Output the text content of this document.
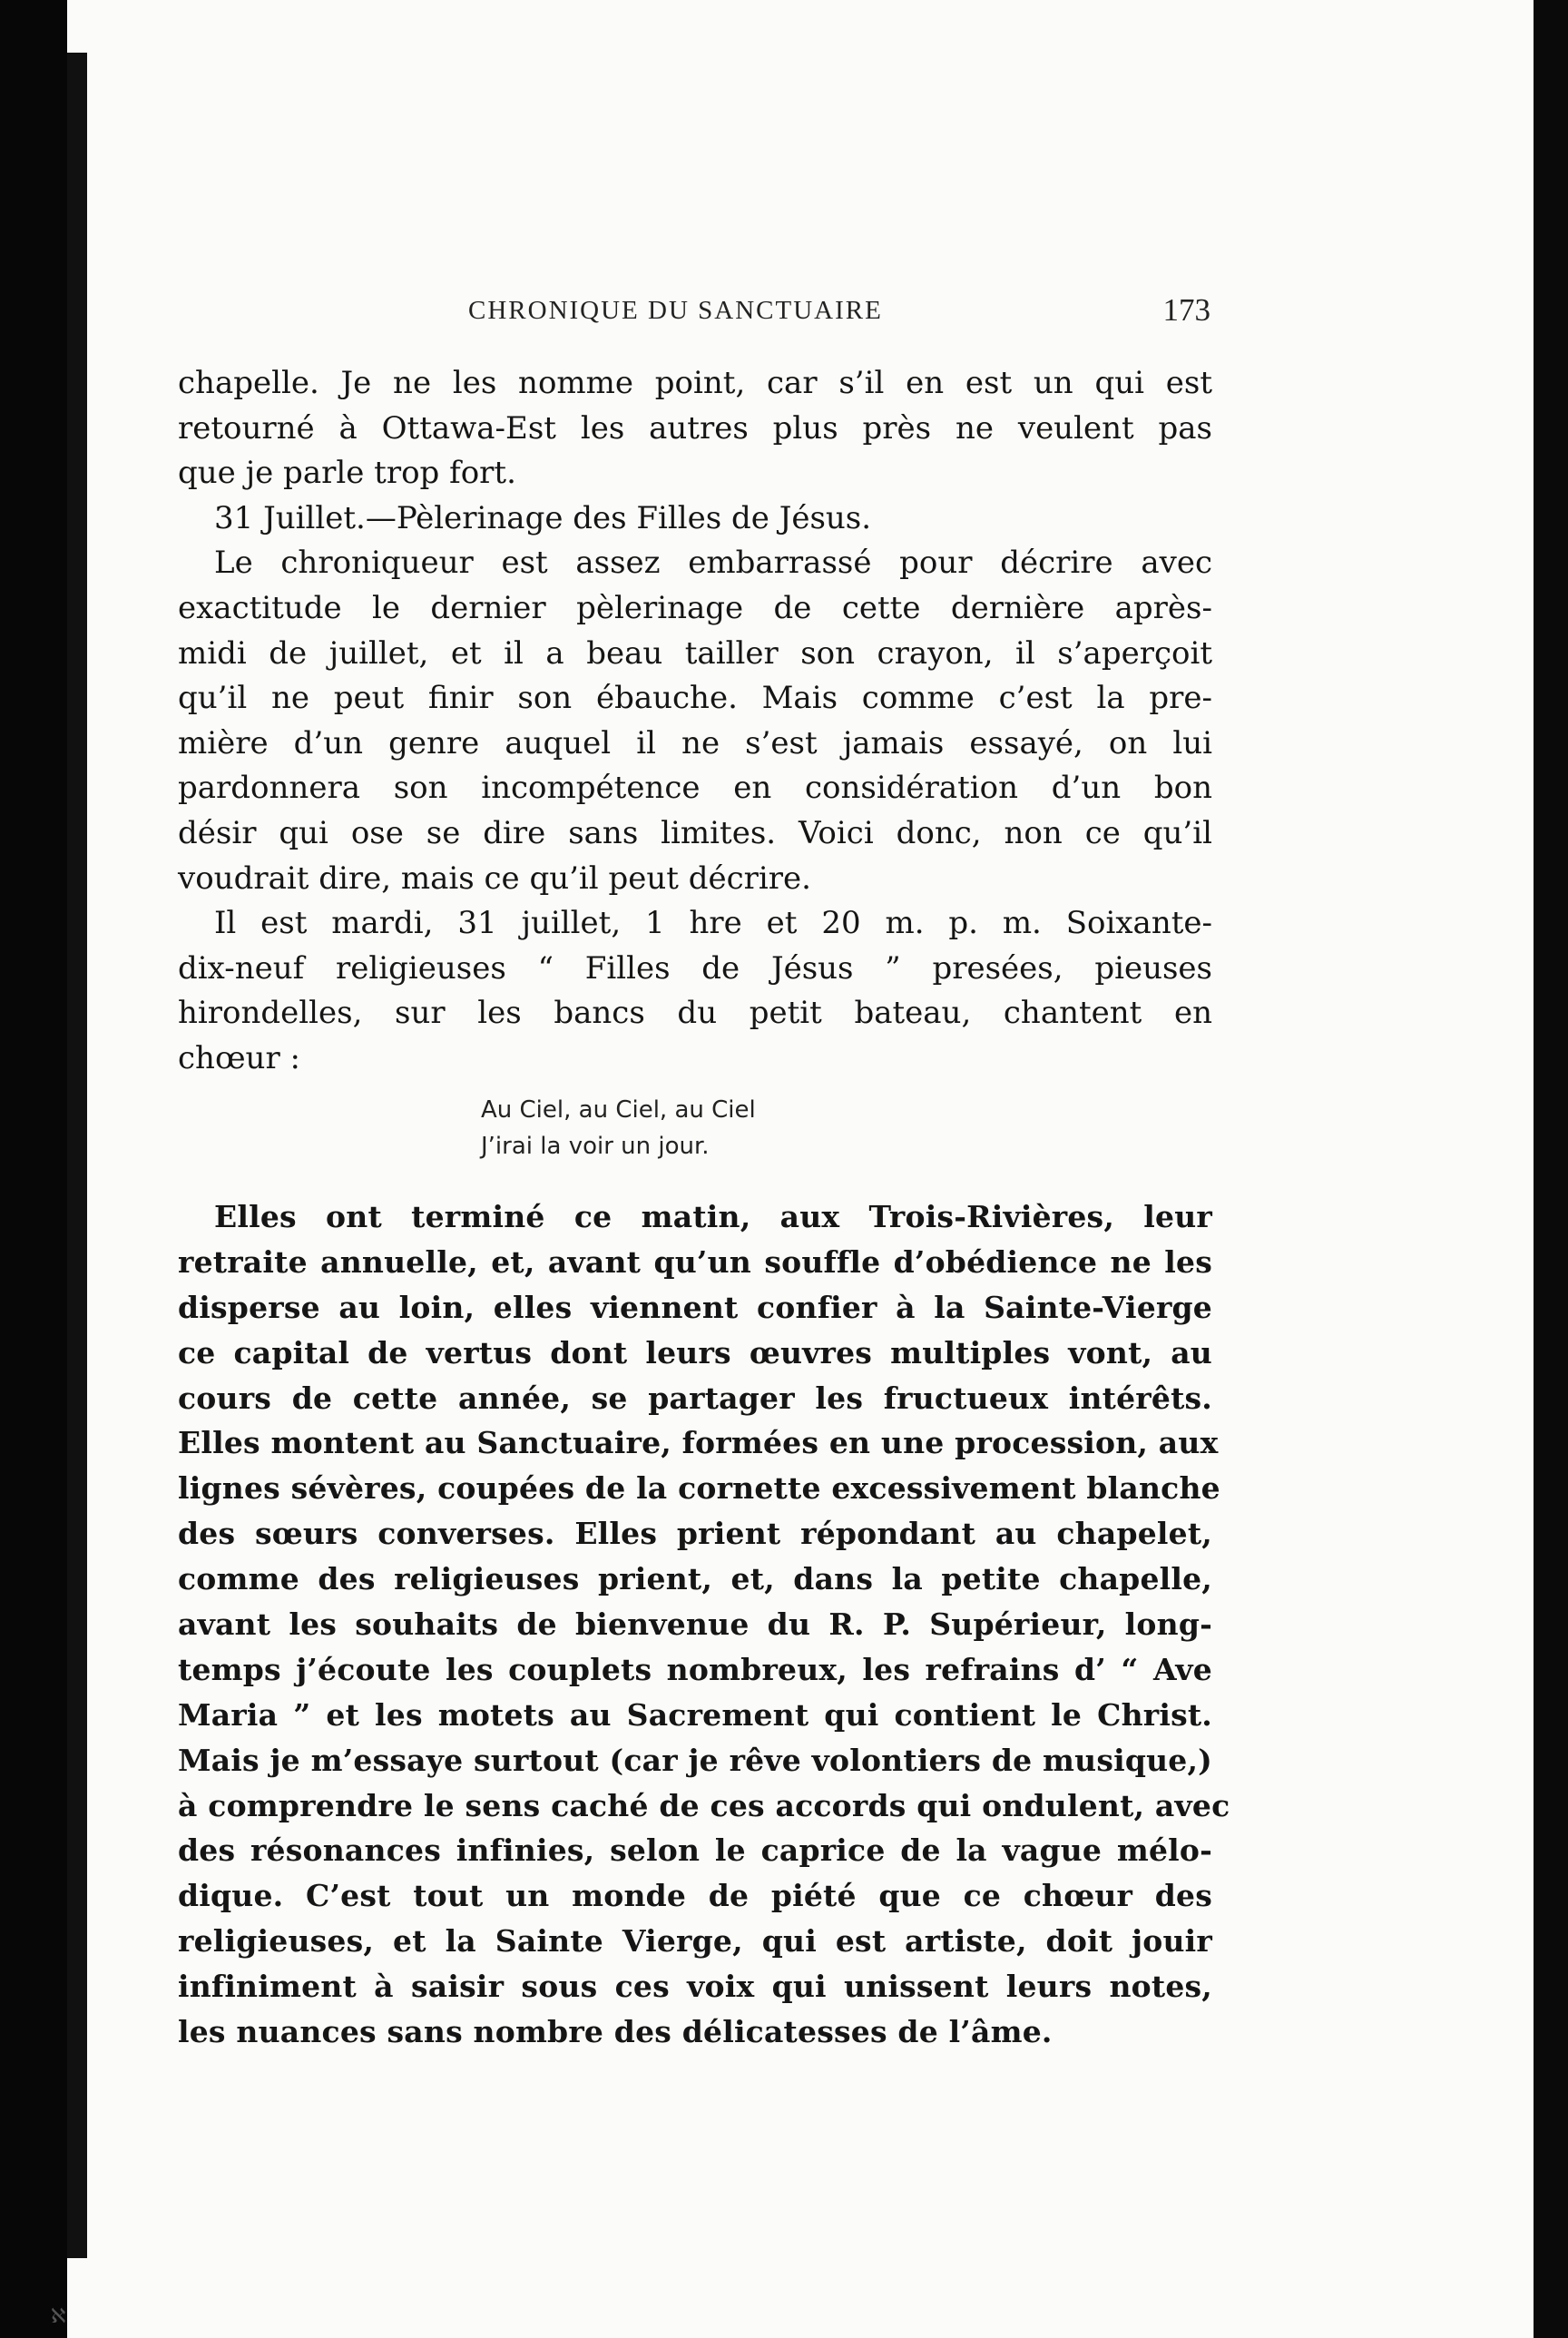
CHRONIQUE DU SANCTUAIRE	173
chapelle. Je ne les nomme point, car s’il en est un qui est
retourné à Ottawa-Est les autres plus près ne veulent pas
que je parle trop fort.
31 Juillet.—Pèlerinage des Filles de Jésus.
Le chroniqueur est assez embarrassé pour décrire avec
exactitude le dernier pèlerinage de cette dernière après-
midi de juillet, et il a beau tailler son crayon, il s’aperçoit
qu’il ne peut finir son ébauche. Mais comme c’est la pre-
mière d’un genre auquel il ne s’est jamais essayé, on lui
pardonnera son incompétence en considération d’un bon
désir qui ose se dire sans limites. Voici donc, non ce qu’il
voudrait dire, mais ce qu’il peut décrire.
Il est mardi, 31 juillet, 1 hre et 20 m. p. m. Soixante-
dix-neuf religieuses “ Filles de Jésus ” presées, pieuses
hirondelles, sur les bancs du petit bateau, chantent en
chœur :
Au Ciel, au Ciel, au Ciel
J’irai la voir un jour.
Elles ont terminé ce matin, aux Trois-Rivières, leur
retraite annuelle, et, avant qu’un souffle d’obédience ne les
disperse au loin, elles viennent confier à la Sainte-Vierge
ce capital de vertus dont leurs œuvres multiples vont, au
cours de cette année, se partager les fructueux intérêts.
Elles montent au Sanctuaire, formées en une procession, aux
lignes sévères, coupées de la cornette excessivement blanche
des sœurs converses. Elles prient répondant au chapelet,
comme des religieuses prient, et, dans la petite chapelle,
avant les souhaits de bienvenue du R. P. Supérieur, long-
temps j’écoute les couplets nombreux, les refrains d’ “ Ave
Maria ” et les motets au Sacrement qui contient le Christ.
Mais je m’essaye surtout (car je rêve volontiers de musique,)
à comprendre le sens caché de ces accords qui ondulent, avec
des résonances infinies, selon le caprice de la vague mélo-
dique. C’est tout un monde de piété que ce chœur des
religieuses, et la Sainte Vierge, qui est artiste, doit jouir
infiniment à saisir sous ces voix qui unissent leurs notes,
les nuances sans nombre des délicatesses de l’âme.
ℵ
